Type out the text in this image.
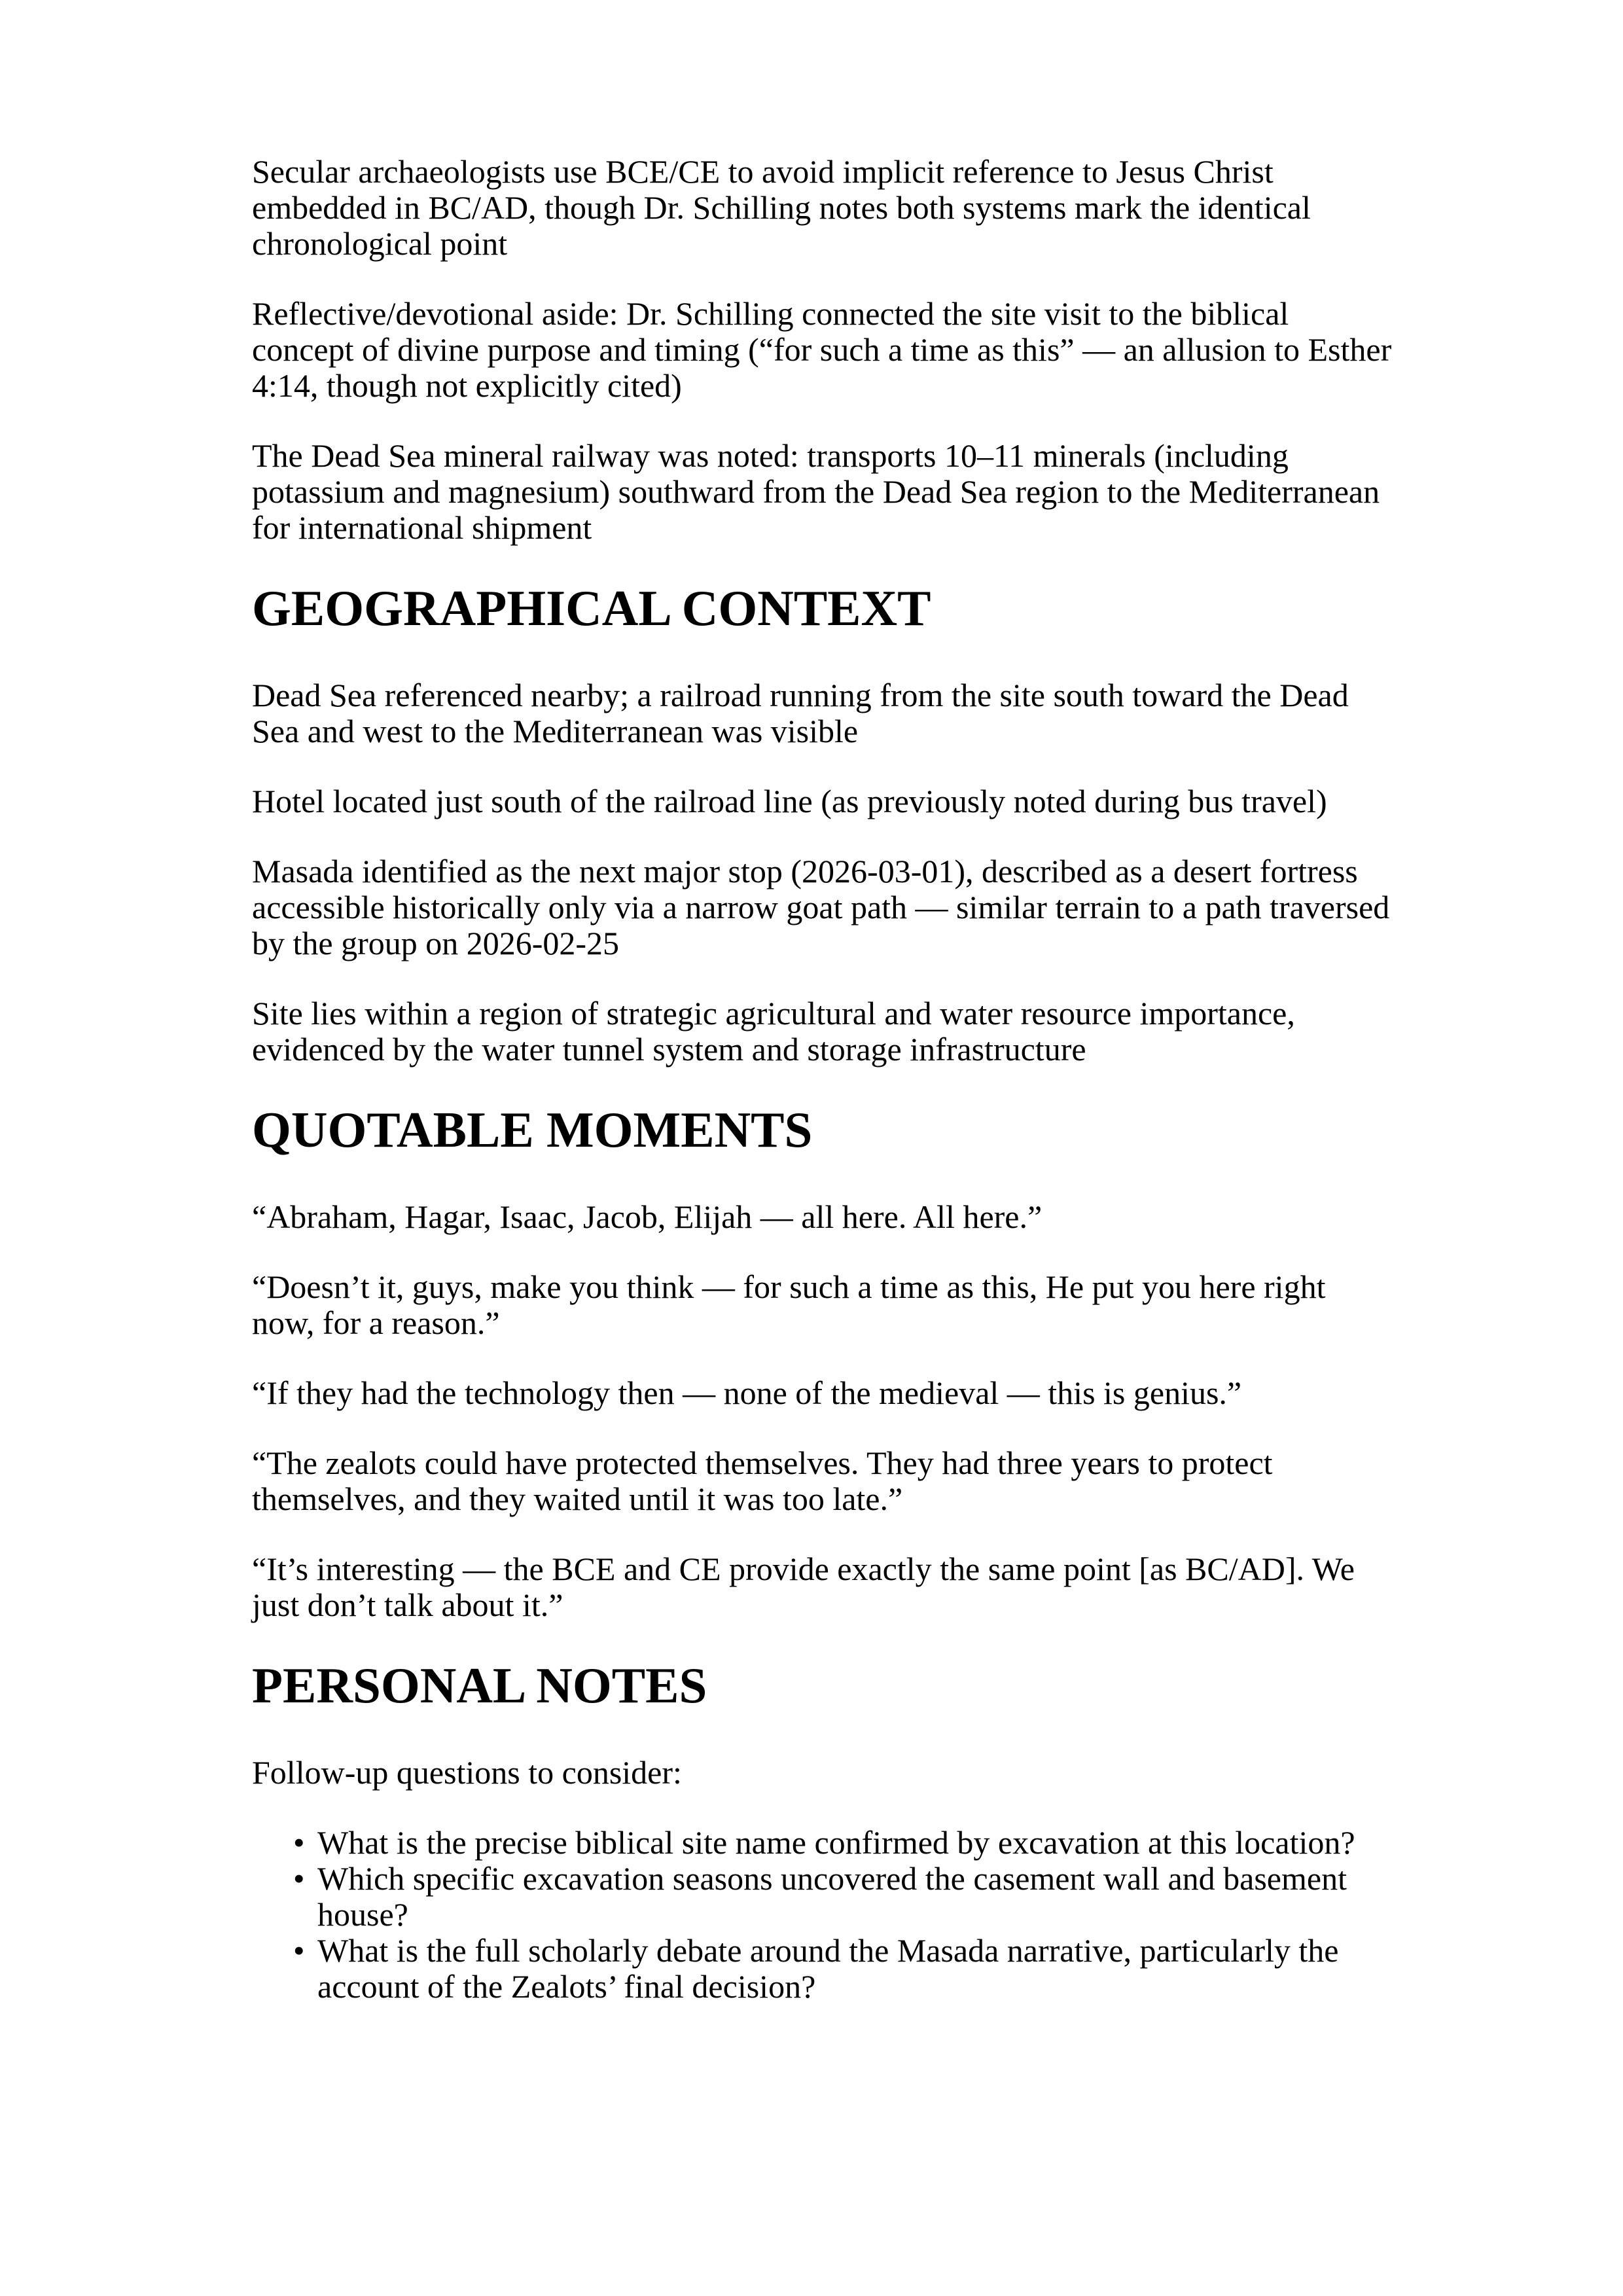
Secular archaeologists use BCE/CE to avoid implicit reference to Jesus Christ embedded in BC/AD, though Dr. Schilling notes both systems mark the identical chronological point

Reflective/devotional aside: Dr. Schilling connected the site visit to the biblical concept of divine purpose and timing (“for such a time as this” — an allusion to Esther 4:14, though not explicitly cited)

The Dead Sea mineral railway was noted: transports 10–11 minerals (including potassium and magnesium) southward from the Dead Sea region to the Mediterranean for international shipment

GEOGRAPHICAL CONTEXT

Dead Sea referenced nearby; a railroad running from the site south toward the Dead Sea and west to the Mediterranean was visible

Hotel located just south of the railroad line (as previously noted during bus travel)

Masada identified as the next major stop (2026-03-01), described as a desert fortress accessible historically only via a narrow goat path — similar terrain to a path traversed by the group on 2026-02-25

Site lies within a region of strategic agricultural and water resource importance, evidenced by the water tunnel system and storage infrastructure

QUOTABLE MOMENTS

“Abraham, Hagar, Isaac, Jacob, Elijah — all here. All here.”

“Doesn’t it, guys, make you think — for such a time as this, He put you here right now, for a reason.”

“If they had the technology then — none of the medieval — this is genius.”

“The zealots could have protected themselves. They had three years to protect themselves, and they waited until it was too late.”

“It’s interesting — the BCE and CE provide exactly the same point [as BC/AD]. We just don’t talk about it.”

PERSONAL NOTES

Follow-up questions to consider:

• What is the precise biblical site name confirmed by excavation at this location?
• Which specific excavation seasons uncovered the casement wall and basement house?
• What is the full scholarly debate around the Masada narrative, particularly the account of the Zealots’ final decision?
